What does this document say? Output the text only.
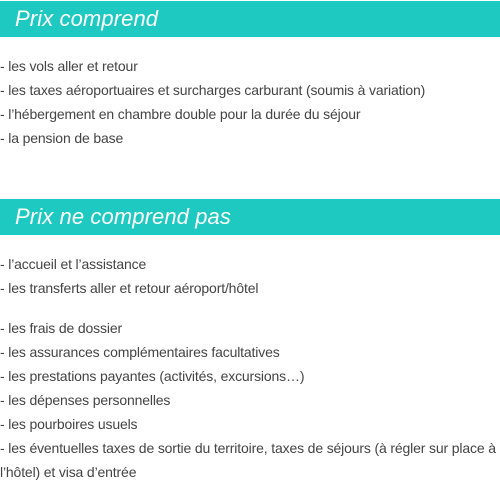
Prix comprend
- les vols aller et retour
- les taxes aéroportuaires et surcharges carburant (soumis à variation)
- l’hébergement en chambre double pour la durée du séjour
- la pension de base
Prix ne comprend pas
- l’accueil et l’assistance
- les transferts aller et retour aéroport/hôtel
- les frais de dossier
- les assurances complémentaires facultatives
- les prestations payantes (activités, excursions…)
- les dépenses personnelles
- les pourboires usuels
- les éventuelles taxes de sortie du territoire, taxes de séjours (à régler sur place à l’hôtel) et visa d’entrée
